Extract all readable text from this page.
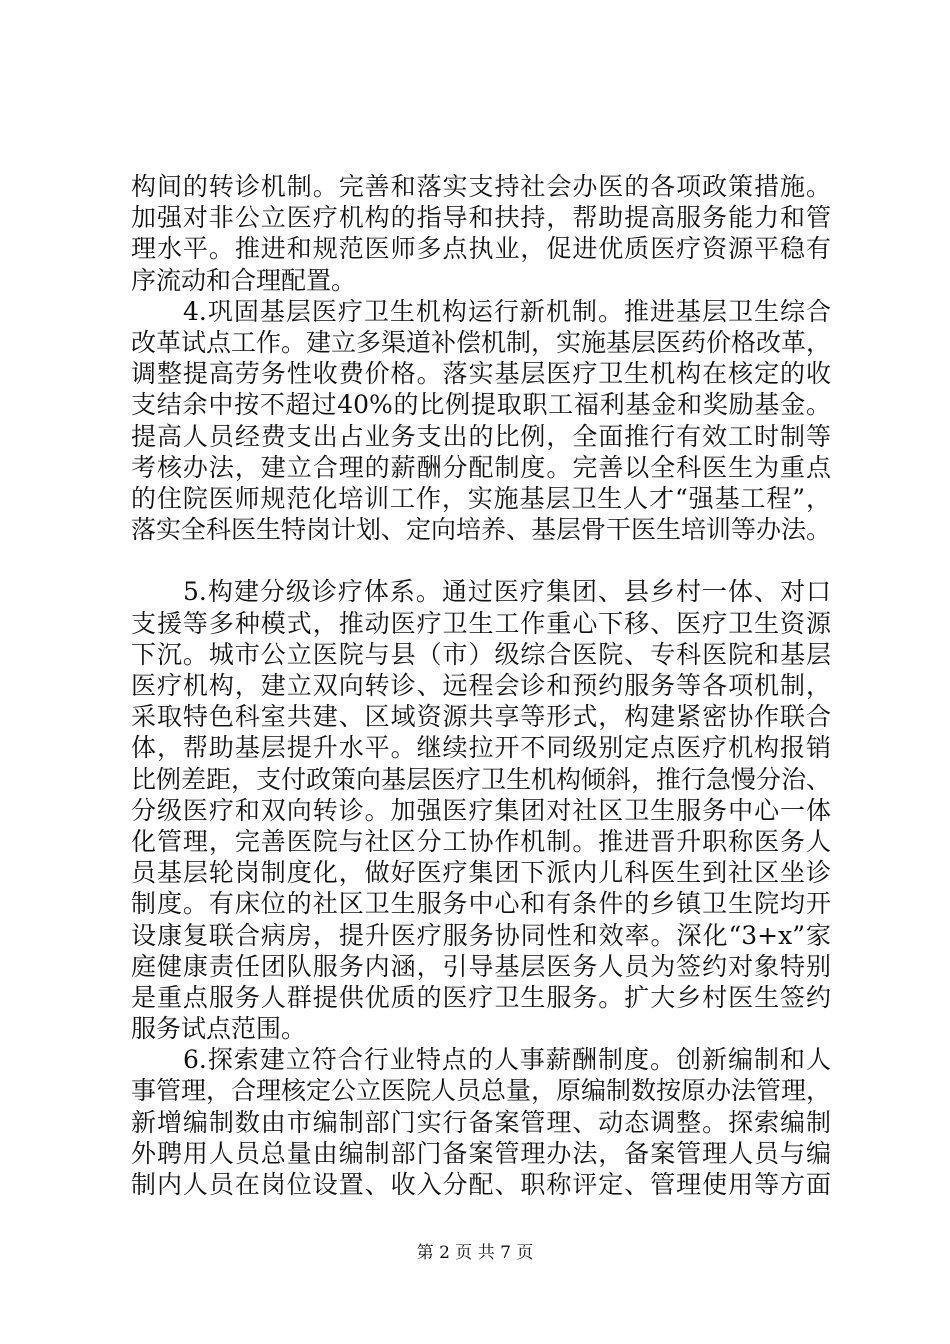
构间的转诊机制。完善和落实支持社会办医的各项政策措施。
加强对非公立医疗机构的指导和扶持，帮助提高服务能力和管
理水平。推进和规范医师多点执业，促进优质医疗资源平稳有
序流动和合理配置。
　　4.巩固基层医疗卫生机构运行新机制。推进基层卫生综合
改革试点工作。建立多渠道补偿机制，实施基层医药价格改革，
调整提高劳务性收费价格。落实基层医疗卫生机构在核定的收
支结余中按不超过40%的比例提取职工福利基金和奖励基金。
提高人员经费支出占业务支出的比例，全面推行有效工时制等
考核办法，建立合理的薪酬分配制度。完善以全科医生为重点
的住院医师规范化培训工作，实施基层卫生人才“强基工程”，
落实全科医生特岗计划、定向培养、基层骨干医生培训等办法。
　　5.构建分级诊疗体系。通过医疗集团、县乡村一体、对口
支援等多种模式，推动医疗卫生工作重心下移、医疗卫生资源
下沉。城市公立医院与县（市）级综合医院、专科医院和基层
医疗机构，建立双向转诊、远程会诊和预约服务等各项机制，
采取特色科室共建、区域资源共享等形式，构建紧密协作联合
体，帮助基层提升水平。继续拉开不同级别定点医疗机构报销
比例差距，支付政策向基层医疗卫生机构倾斜，推行急慢分治、
分级医疗和双向转诊。加强医疗集团对社区卫生服务中心一体
化管理，完善医院与社区分工协作机制。推进晋升职称医务人
员基层轮岗制度化，做好医疗集团下派内儿科医生到社区坐诊
制度。有床位的社区卫生服务中心和有条件的乡镇卫生院均开
设康复联合病房，提升医疗服务协同性和效率。深化“3+x”家
庭健康责任团队服务内涵，引导基层医务人员为签约对象特别
是重点服务人群提供优质的医疗卫生服务。扩大乡村医生签约
服务试点范围。
　　6.探索建立符合行业特点的人事薪酬制度。创新编制和人
事管理，合理核定公立医院人员总量，原编制数按原办法管理，
新增编制数由市编制部门实行备案管理、动态调整。探索编制
外聘用人员总量由编制部门备案管理办法，备案管理人员与编
制内人员在岗位设置、收入分配、职称评定、管理使用等方面
第 2 页 共 7 页
